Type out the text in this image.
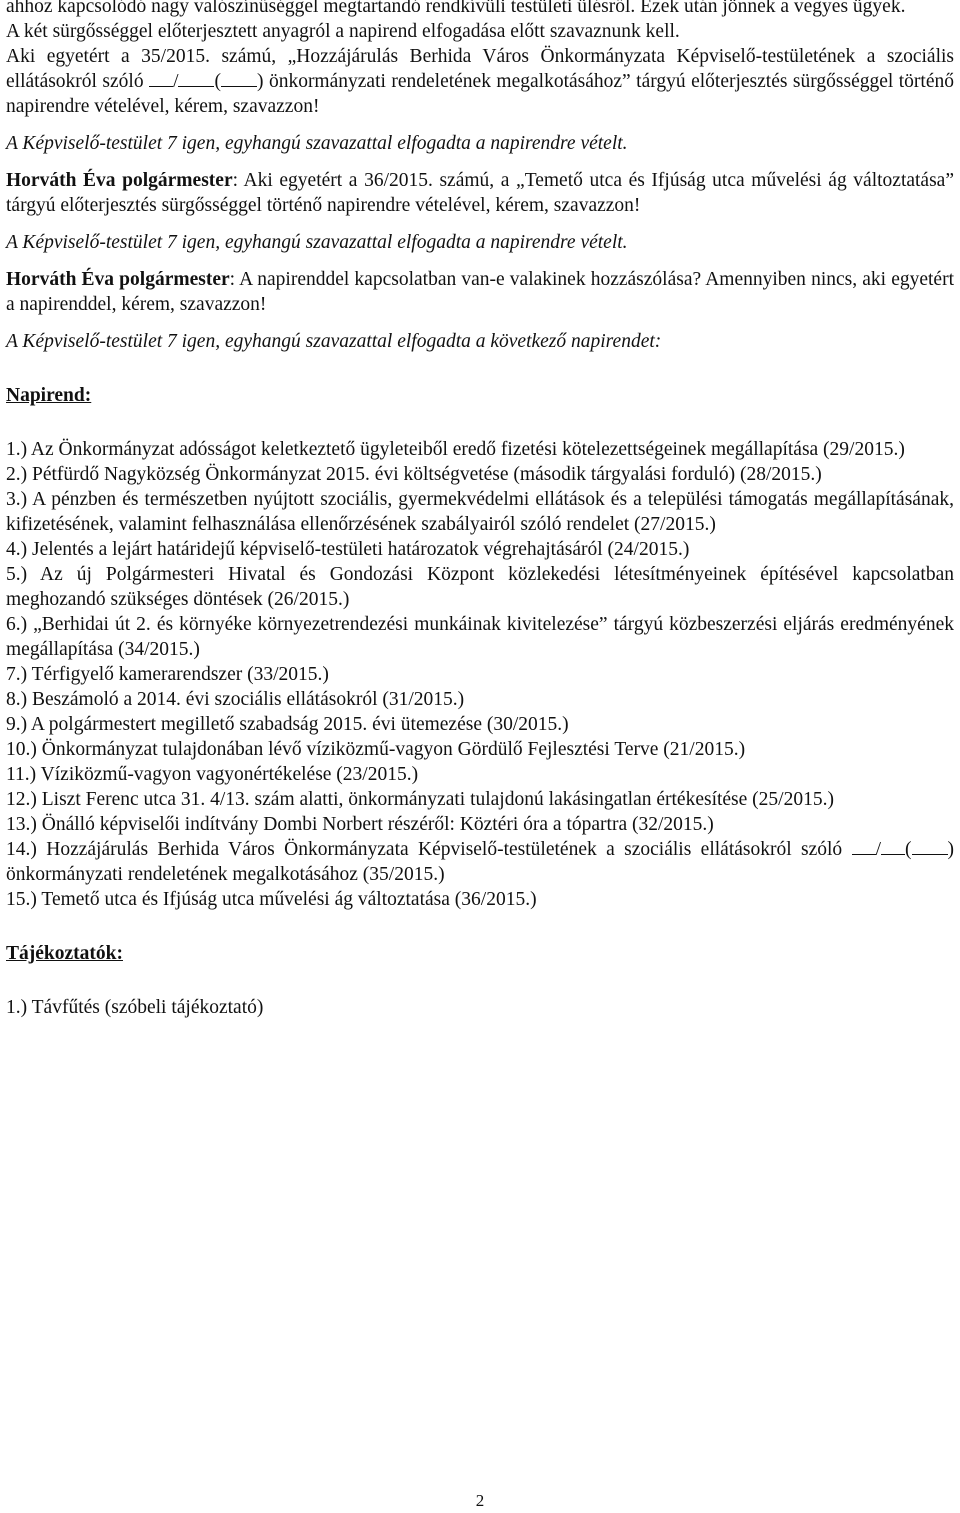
ahhoz kapcsolódó nagy valószínűséggel megtartandó rendkívüli testületi ülésről. Ezek után jönnek a vegyes ügyek.

A két sürgősséggel előterjesztett anyagról a napirend elfogadása előtt szavaznunk kell.

Aki egyetért a 35/2015. számú, „Hozzájárulás Berhida Város Önkormányzata Képviselő-testületének a szociális ellátásokról szóló / ( ) önkormányzati rendeletének megalkotásához” tárgyú előterjesztés sürgősséggel történő napirendre vételével, kérem, szavazzon!

A Képviselő-testület 7 igen, egyhangú szavazattal elfogadta a napirendre vételt.

Horváth Éva polgármester: Aki egyetért a 36/2015. számú, a „Temető utca és Ifjúság utca művelési ág változtatása” tárgyú előterjesztés sürgősséggel történő napirendre vételével, kérem, szavazzon!

A Képviselő-testület 7 igen, egyhangú szavazattal elfogadta a napirendre vételt.

Horváth Éva polgármester: A napirenddel kapcsolatban van-e valakinek hozzászólása? Amennyiben nincs, aki egyetért a napirenddel, kérem, szavazzon!

A Képviselő-testület 7 igen, egyhangú szavazattal elfogadta a következő napirendet:

Napirend:

1.) Az Önkormányzat adósságot keletkeztető ügyleteiből eredő fizetési kötelezettségeinek megállapítása (29/2015.)

2.) Pétfürdő Nagyközség Önkormányzat 2015. évi költségvetése (második tárgyalási forduló) (28/2015.)

3.) A pénzben és természetben nyújtott szociális, gyermekvédelmi ellátások és a települési támogatás megállapításának, kifizetésének, valamint felhasználása ellenőrzésének szabályairól szóló rendelet (27/2015.)

4.) Jelentés a lejárt határidejű képviselő-testületi határozatok végrehajtásáról (24/2015.)

5.) Az új Polgármesteri Hivatal és Gondozási Központ közlekedési létesítményeinek építésével kapcsolatban meghozandó szükséges döntések (26/2015.)

6.) „Berhidai út 2. és környéke környezetrendezési munkáinak kivitelezése” tárgyú közbeszerzési eljárás eredményének megállapítása (34/2015.)

7.) Térfigyelő kamerarendszer (33/2015.)

8.) Beszámoló a 2014. évi szociális ellátásokról (31/2015.)

9.) A polgármestert megillető szabadság 2015. évi ütemezése (30/2015.)

10.) Önkormányzat tulajdonában lévő víziközmű-vagyon Gördülő Fejlesztési Terve (21/2015.)

11.) Víziközmű-vagyon vagyonértékelése (23/2015.)

12.) Liszt Ferenc utca 31. 4/13. szám alatti, önkormányzati tulajdonú lakásingatlan értékesítése (25/2015.)

13.) Önálló képviselői indítvány Dombi Norbert részéről: Köztéri óra a tópartra (32/2015.)

14.) Hozzájárulás Berhida Város Önkormányzata Képviselő-testületének a szociális ellátásokról szóló / ( ) önkormányzati rendeletének megalkotásához (35/2015.)

15.) Temető utca és Ifjúság utca művelési ág változtatása (36/2015.)

Tájékoztatók:

1.) Távfűtés (szóbeli tájékoztató)

2
